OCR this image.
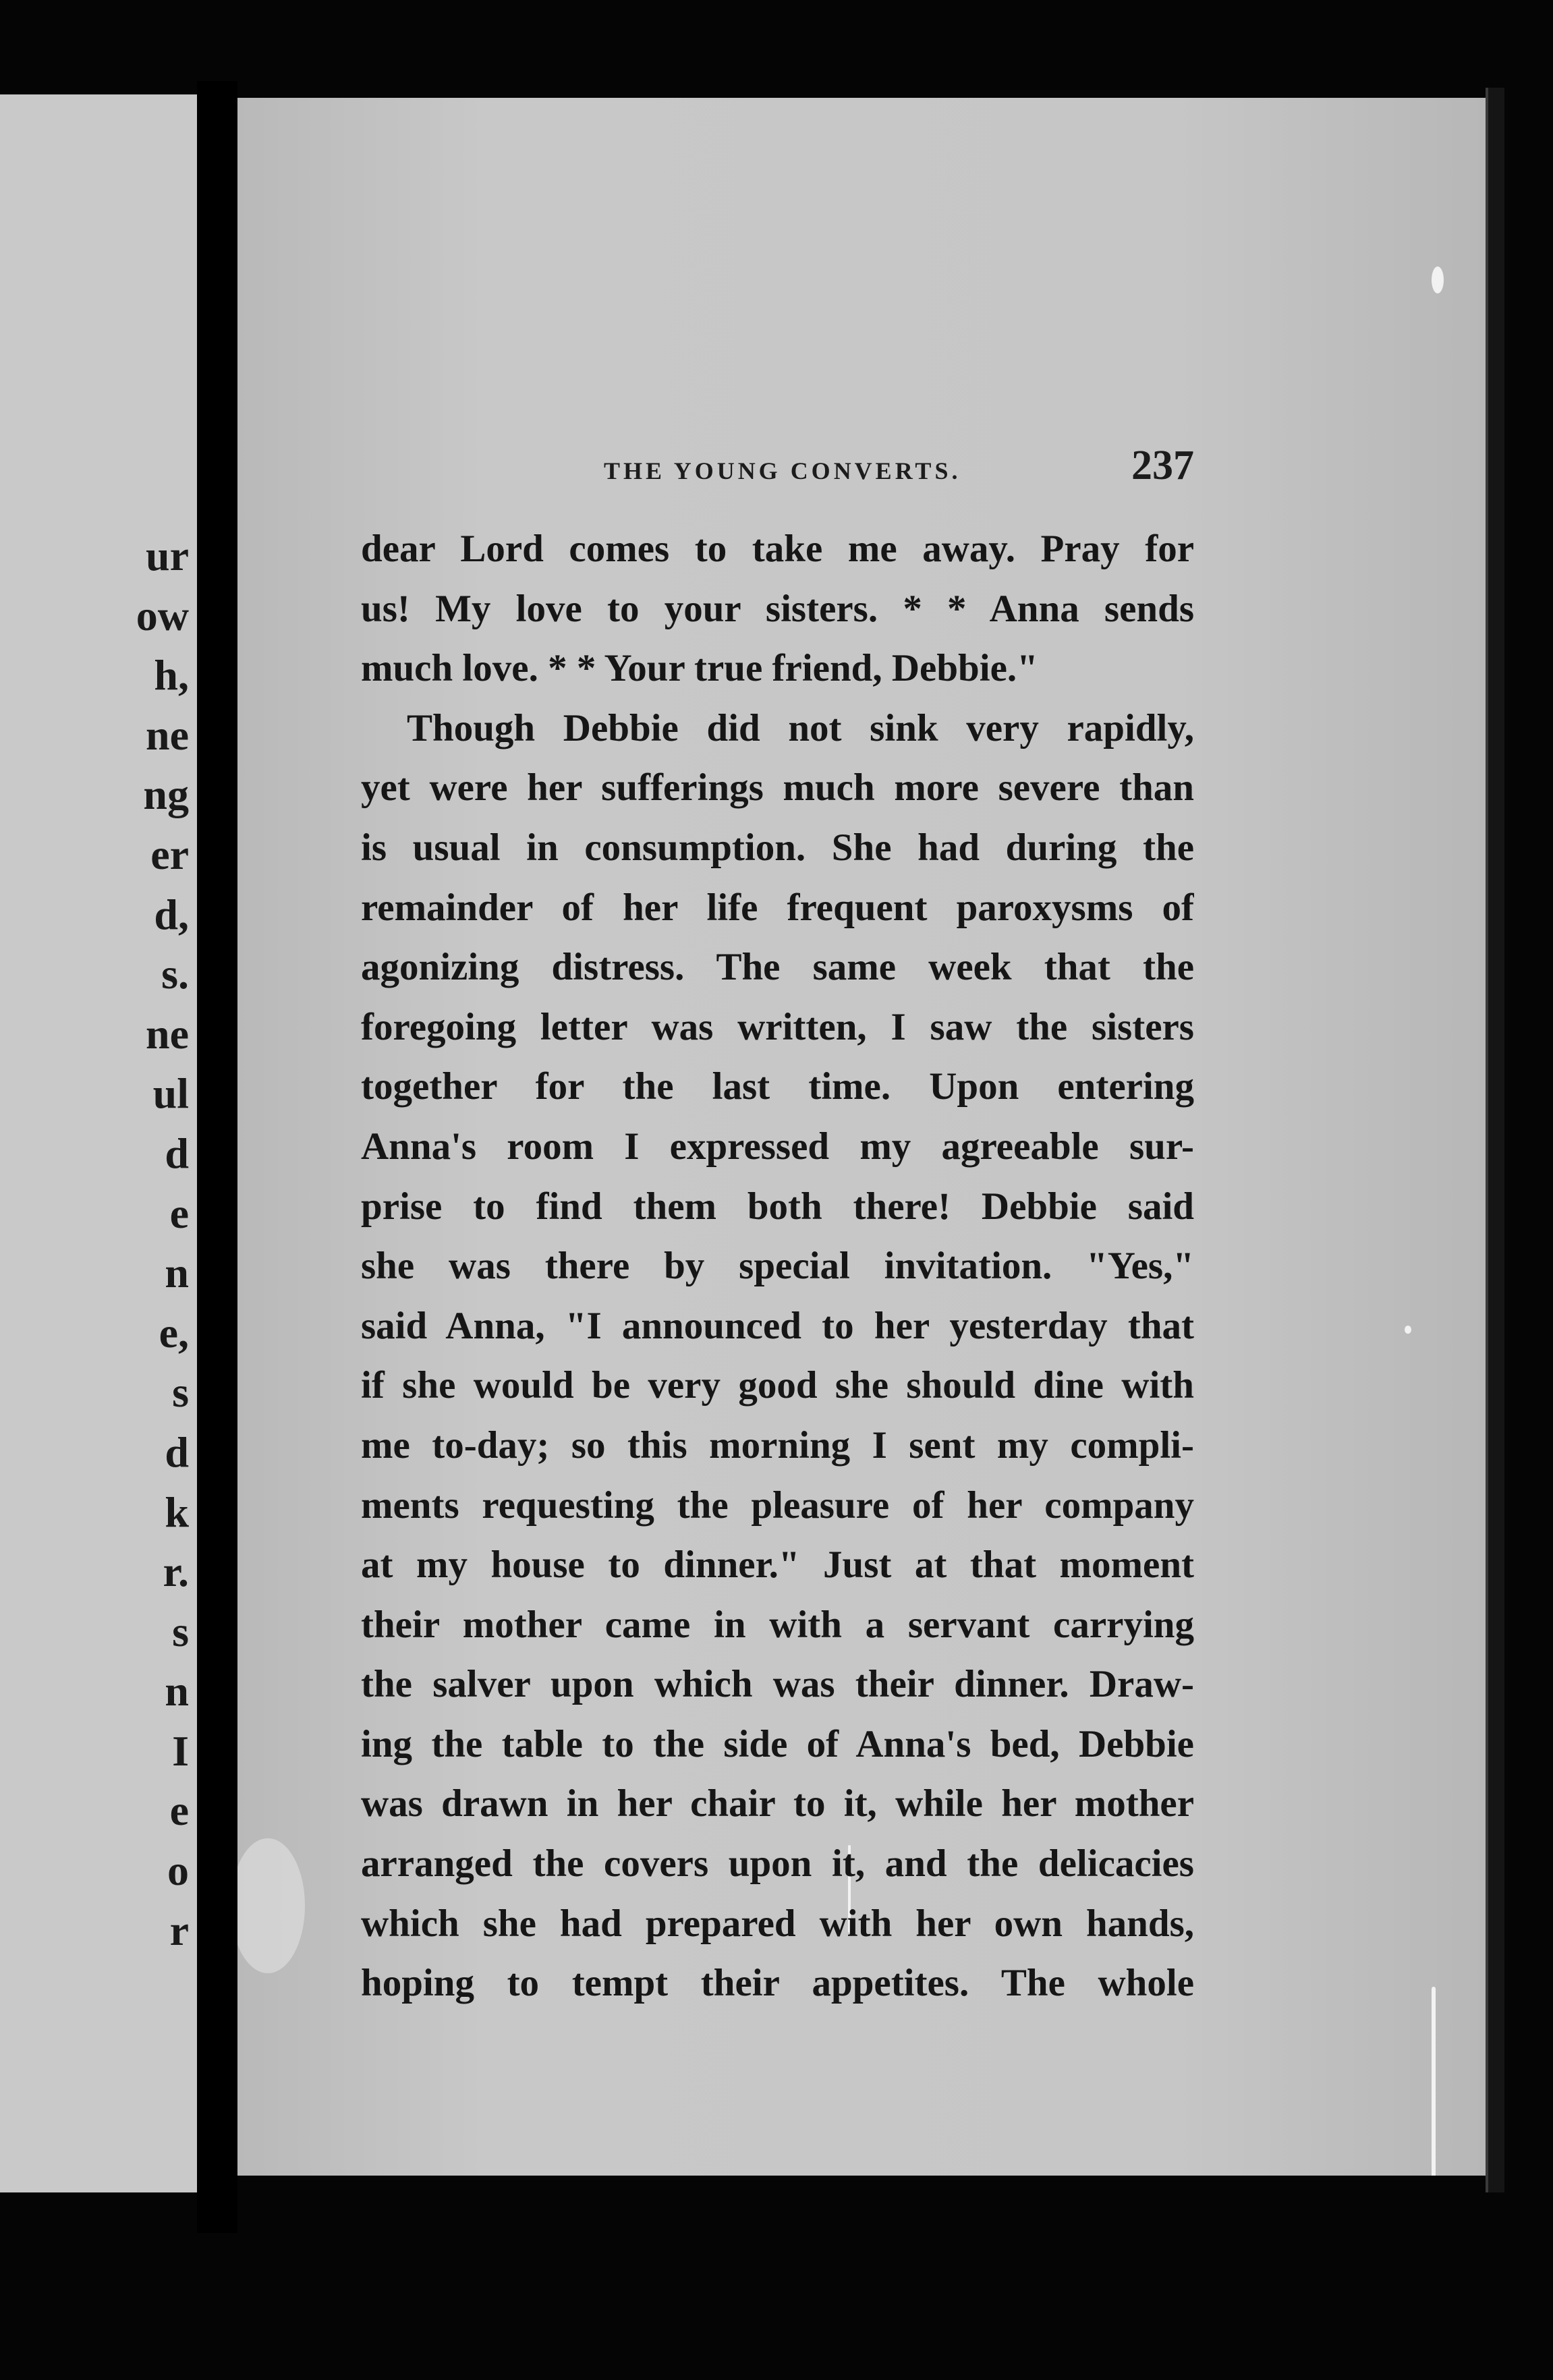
ur
ow
h,
ne
ng
er
d,
s.
ne
ul
d
e
n
e,
s
d
k
r.
s
n
I
e
o
r
THE YOUNG CONVERTS.	237
dear Lord comes to take me away. Pray for
us! My love to your sisters. * * Anna sends
much love. * * Your true friend, Debbie."
Though Debbie did not sink very rapidly,
yet were her sufferings much more severe than
is usual in consumption. She had during the
remainder of her life frequent paroxysms of
agonizing distress. The same week that the
foregoing letter was written, I saw the sisters
together for the last time. Upon entering
Anna's room I expressed my agreeable sur-
prise to find them both there! Debbie said
she was there by special invitation. "Yes,"
said Anna, "I announced to her yesterday that
if she would be very good she should dine with
me to-day; so this morning I sent my compli-
ments requesting the pleasure of her company
at my house to dinner." Just at that moment
their mother came in with a servant carrying
the salver upon which was their dinner. Draw-
ing the table to the side of Anna's bed, Debbie
was drawn in her chair to it, while her mother
arranged the covers upon it, and the delicacies
which she had prepared with her own hands,
hoping to tempt their appetites. The whole
